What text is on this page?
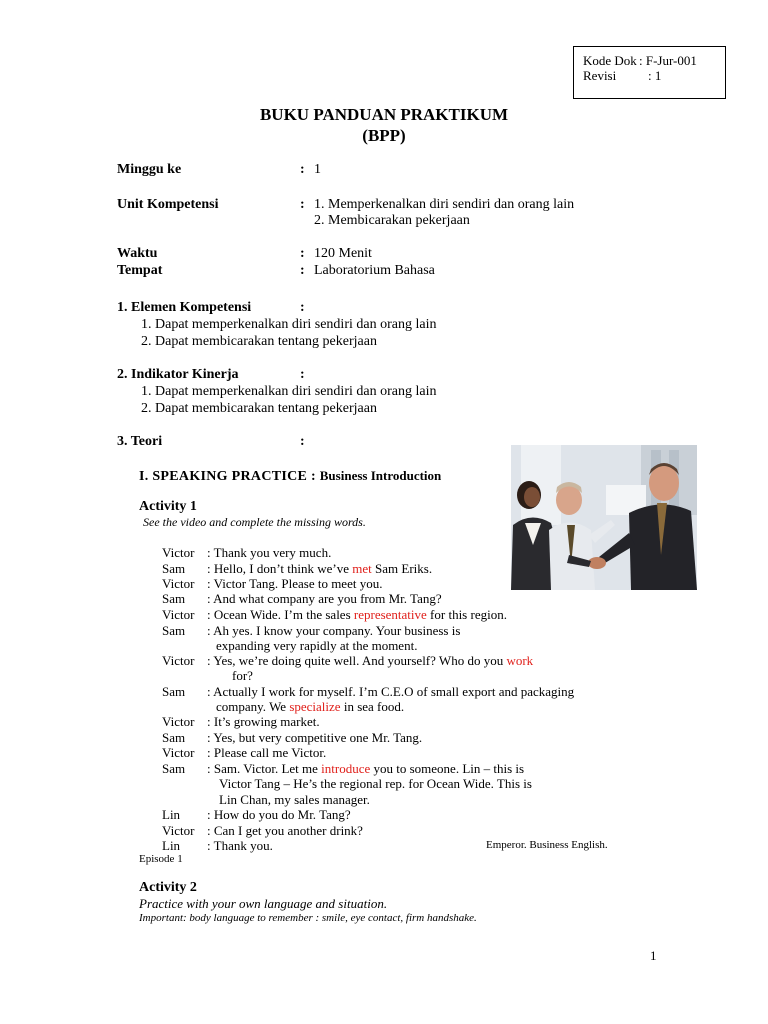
Kode Dok : F-Jur-001
Revisi : 1
BUKU PANDUAN PRAKTIKUM
(BPP)
Minggu ke	: 1
Unit Kompetensi	: 1. Memperkenalkan diri sendiri dan orang lain
2. Membicarakan pekerjaan
Waktu	: 120 Menit
Tempat	: Laboratorium Bahasa
1. Elemen Kompetensi	:
1. Dapat memperkenalkan diri sendiri dan orang lain
2. Dapat membicarakan tentang pekerjaan
2. Indikator Kinerja	:
1. Dapat memperkenalkan diri sendiri dan orang lain
2. Dapat membicarakan tentang pekerjaan
3. Teori	:
I. SPEAKING PRACTICE : Business Introduction
Activity 1
See the video and complete the missing words.
Victor : Thank you very much.
Sam : Hello, I don’t think we’ve met Sam Eriks.
Victor : Victor Tang. Please to meet you.
Sam : And what company are you from Mr. Tang?
Victor : Ocean Wide. I’m the sales representative for this region.
Sam : Ah yes. I know your company. Your business is
expanding very rapidly at the moment.
Victor : Yes, we’re doing quite well. And yourself? Who do you work
for?
Sam : Actually I work for myself. I’m C.E.O of small export and packaging
company. We specialize in sea food.
Victor : It’s growing market.
Sam : Yes, but very competitive one Mr. Tang.
Victor : Please call me Victor.
Sam : Sam. Victor. Let me introduce you to someone. Lin – this is
Victor Tang – He’s the regional rep. for Ocean Wide. This is
Lin Chan, my sales manager.
Lin : How do you do Mr. Tang?
Victor : Can I get you another drink?
Lin : Thank you.	Emperor. Business English.
Episode 1
Activity 2
Practice with your own language and situation.
Important: body language to remember : smile, eye contact, firm handshake.
1
